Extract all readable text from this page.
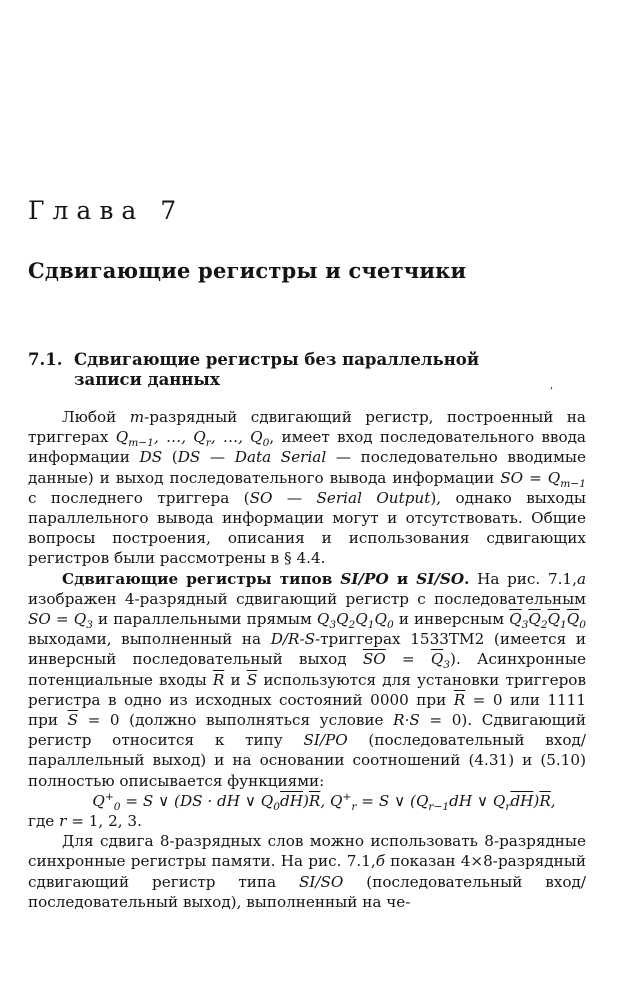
Глава 7
Сдвигающие регистры и счетчики
7.1. Сдвигающие регистры без параллельной
записи данных	,

Любой m-разрядный сдвигающий регистр, построенный на триггерах $Q_{m-1}$, …, $Q_r$, …, $Q_0$, имеет вход последовательного ввода информации DS (DS — Data Serial — последовательно вводимые данные) и выход последовательного вывода информации SO = $Q_{m-1}$ с последнего триггера (SO — Serial Output), однако выходы параллельного вывода информации могут и отсутствовать. Общие вопросы построения, описания и использования сдвигающих регистров были рассмотрены в § 4.4.

Сдвигающие регистры типов SI/PO и SI/SO. На рис. 7.1,а изображен 4-разрядный сдвигающий регистр с последовательным SO = $Q_3$ и параллельными прямым $Q_3Q_2Q_1Q_0$ и инверсным $\overline{Q}_3\overline{Q}_2\overline{Q}_1\overline{Q}_0$ выходами, выполненный на D/R-S-триггерах 1533ТМ2 (имеется и инверсный последовательный выход $\overline{SO} = \overline{Q}_3$). Асинхронные потенциальные входы $\overline{R}$ и $\overline{S}$ используются для установки триггеров регистра в одно из исходных состояний 0000 при $\overline{R} = 0$ или 1111 при $\overline{S} = 0$ (должно выполняться условие R·S = 0). Сдвигающий регистр относится к типу SI/PO (последовательный вход/параллельный выход) и на основании соотношений (4.31) и (5.10) полностью описывается функциями:

$Q^+_0 = S$ ∨ (DS · dH ∨ $Q_0\overline{dH})\overline{R}$, $Q^+_r = S$ ∨ ($Q_{r-1}dH$ ∨ $Q_r\overline{dH})\overline{R}$,

где r = 1, 2, 3.

Для сдвига 8-разрядных слов можно использовать 8-разрядные синхронные регистры памяти. На рис. 7.1,б показан 4×8-разрядный сдвигающий регистр типа SI/SO (последовательный вход/последовательный выход), выполненный на че-
